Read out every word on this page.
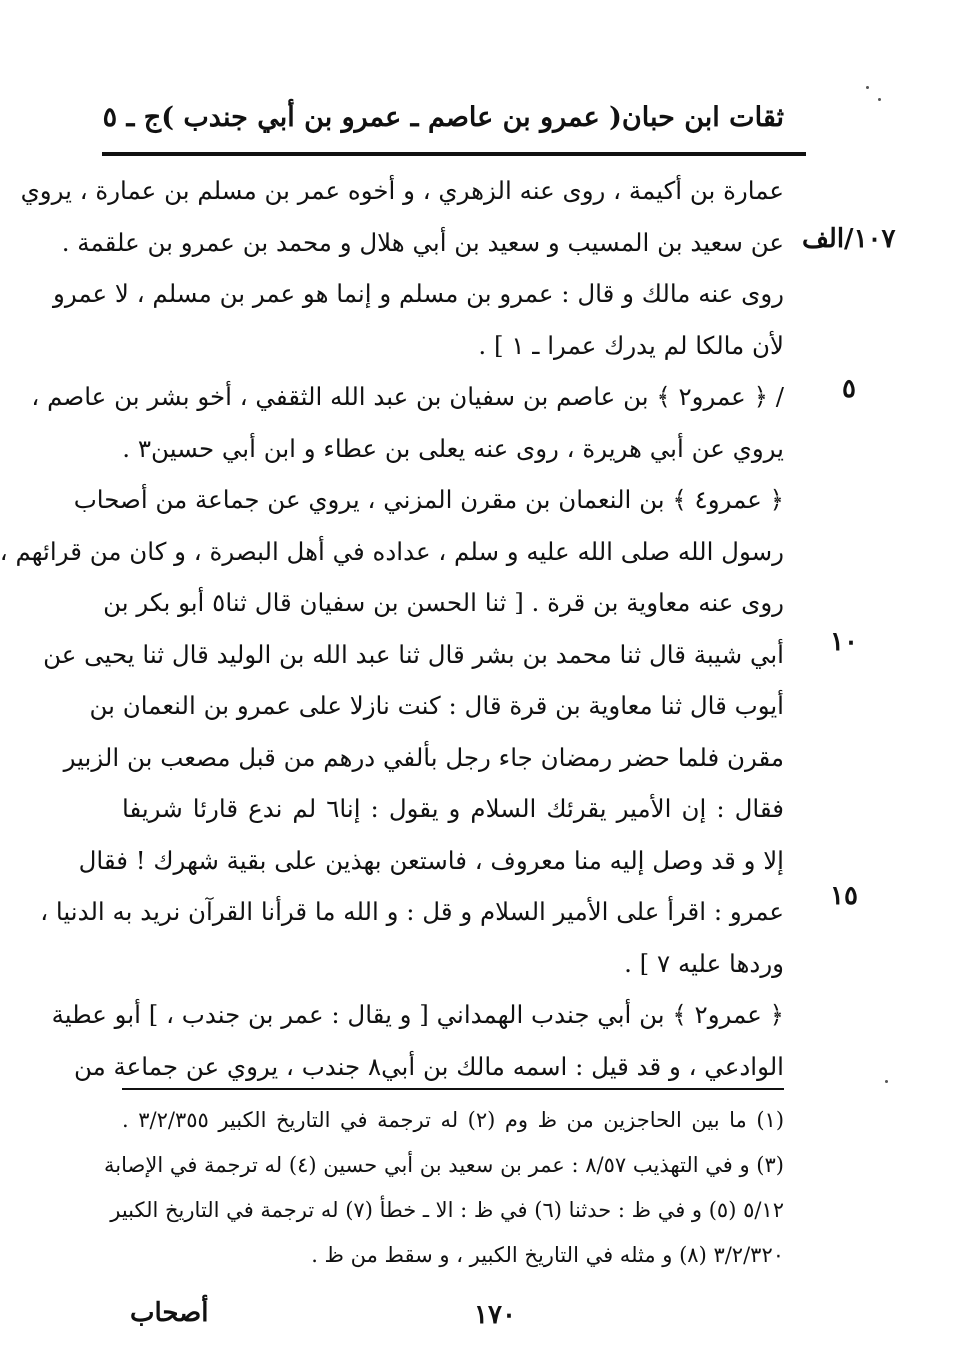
ثقات ابن حبان
( عمرو بن عاصم ـ عمرو بن أبي جندب )
ج ـ ٥
١٠٧/الف
٥
١٠
١٥
عمارة بن أكيمة ، روى عنه الزهري ، و أخوه عمر بن مسلم بن عمارة ، يروي
عن سعيد بن المسيب و سعيد بن أبي هلال و محمد بن عمرو بن علقمة .
روى عنه مالك و قال : عمرو بن مسلم و إنما هو عمر بن مسلم ، لا عمرو
لأن مالكا لم يدرك عمرا ـ ١ ] .
/ ﴿ عمرو٢ ﴾ بن عاصم بن سفيان بن عبد الله الثقفي ، أخو بشر بن عاصم ،
يروي عن أبي هريرة ، روى عنه يعلى بن عطاء و ابن أبي حسين٣ .
﴿ عمرو٤ ﴾ بن النعمان بن مقرن المزني ، يروي عن جماعة من أصحاب
رسول الله صلى الله عليه و سلم ، عداده في أهل البصرة ، و كان من قرائهم ،
روى عنه معاوية بن قرة . [ ثنا الحسن بن سفيان قال ثنا٥ أبو بكر بن
أبي شيبة قال ثنا محمد بن بشر قال ثنا عبد الله بن الوليد قال ثنا يحيى عن
أيوب قال ثنا معاوية بن قرة قال : كنت نازلا على عمرو بن النعمان بن
مقرن فلما حضر رمضان جاء رجل بألفي درهم من قبل مصعب بن الزبير
فقال : إن الأمير يقرئك السلام و يقول : إنا٦ لم ندع قارئا شريفا
إلا و قد وصل إليه منا معروف ، فاستعن بهذين على بقية شهرك ! فقال
عمرو : اقرأ على الأمير السلام و قل : و الله ما قرأنا القرآن نريد به الدنيا ،
وردها عليه ٧ ] .
﴿ عمرو٢ ﴾ بن أبي جندب الهمداني [ و يقال : عمر بن جندب ، ] أبو عطية
الوادعي ، و قد قيل : اسمه مالك بن أبي٨ جندب ، يروي عن جماعة من
(١) ما بين الحاجزين من ظ وم (٢) له ترجمة في التاريخ الكبير ٣/٢/٣٥٥ .
(٣) و في التهذيب ٨/٥٧ : عمر بن سعيد بن أبي حسين (٤) له ترجمة في الإصابة
٥/١٢ (٥) و في ظ : حدثنا (٦) في ظ : الا ـ خطأ (٧) له ترجمة في التاريخ الكبير
٣/٢/٣٢٠ (٨) و مثله في التاريخ الكبير ، و سقط من ظ .
١٧٠
أصحاب
